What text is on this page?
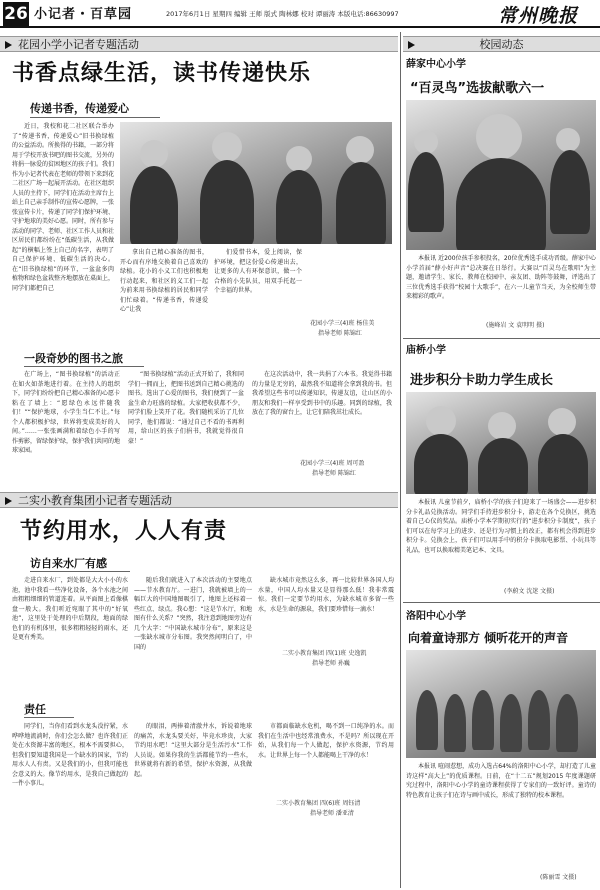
26 小记者・百草园	2017年6月1日 星期四 编辑 王师 版式 陶林娜 校对 谭丽涛 本版电话:86630997	常州晚报
花园小学小记者专题活动
书香点绿生活，读书传递快乐
传递书香，传递爱心

近日，我校和花二社区联合举办了“传递书香，传递爱心”旧书换绿植的公益活动。所换得的书籍，一部分将用于学校开放书吧的图书交流，另外的将捐一脉爱的贫困地区的孩子们。我们作为小记者代表在老师的带领下来到花二社区广场一起展开活动。在社区组织人员的主持下，同学们在活动主席台上站上自己亲手制作的宣传心愿牌，一张张宣传卡片，传递了同学们保护环境、守护地球的美好心愿。同时，所有参与活动的同学、老师、社区工作人员和社区居民们都纷纷在“低碳生活，从我做起”的横幅上签上自己的名字，表明了自己保护环境、低碳生活的决心。在“旧书换绿植”的环节，一盆盆多肉植物和绿色盆栽整齐地摆放在桌面上，同学们都把自己

拿出自己精心准备的图书，开心而有序地交换着自己喜欢的绿植。花小的小义工们也积极地行动起来，和社区的义工们一起为前来用书换绿植的居民和同学们忙碌着。“传递书香，传递爱心”让我

们爱惜书本，爱上阅读，保护环境，把这份爱心传递出去，让更多的人有环保意识，做一个合格的小先队员，用双手托起一个幸福的世界。

花园小学三(4)班 杨佳美
指导老师 陈锦红
一段奇妙的图书之旅

在广场上，“图书换绿植”的活动正在如火如荼地进行着。在主持人的组织下，同学们纷纷把自己精心准备的心愿卡粘在了墙上：“愿绿色永远伴随我们！”“保护地球，小学生当仁不让。”每个人都积极护绿，世界将变成美好的人间。”……一张张画满和着绿色小手的写作剪影，留绿保护绿，保护我们共同的地球家园。

“图书换绿植”活动正式开始了，我和同学们一拥而上，把图书送到自己精心挑选的图书。选出了心爱的图书，我们便到了一盆盆生命力旺盛的绿植。大家把收获都不少，同学们脸上笑开了花。我们随机采访了几位同学，他们都说：“通过自己不看的书再利用，给山区的孩子们捐书，我就觉得很自豪！”

在这次活动中，我一共捐了六本书。我觉得书籍的力量是无穷的，最然我不知道将会拿到我的书。但我希望这些书可以传递知识，传递友谊，让山区的小朋友和我们一样享受到书中的乐趣。同到的绿植，我放在了我的窗台上，让它们陪我茁壮成长。

花园小学三(4)班 周可盈
指导老师 陈锦红
二实小教育集团小记者专题活动
节约用水，人人有责
访自来水厂有感

走进自来水厂，到处都是大大小小的水池，池中我看一些净化设备，各个水池之间由粗粗细细的管道连着。从平面图上看像棋盘一般大。我们听近宛眼了其中的“好氧池”，这里处于处理的中后期段，地面的绿色们的有机体里，很多粗粗轻轻的雨水，还是更有秀美。

随后我们就进入了本次活动的主要地点——节水教育厅。一进门，我就被墙上的一幅巨大的中国地图吸引了，地图上还标着一些红点、绿点。我心想：“这是节水厅，和地图有什么关系？”突然，我注意到地图旁边有几个大字：“中国缺水城市分布”，原来这是一张缺水城市分布图。我突然间明白了，中国的

缺水城市竟然这么多，再一比较世界各国人均水量，中国人均水量又是显得那么低！我非常震惊。我们一定要节约用水，为缺水城市多留一些水，水是生命的源泉，我们要珍惜每一滴水！

二实小教育集团 四(1)班 史逸凯
指导老师 孙巍
责任

同学们，当你们看到水龙头没拧紧，水哗哗地流淌时，你们会怎么做？也许我们正处在水资源丰富的地区，根本不需要担心，但我们要知道我国是一个缺水的国家，节约用水人人有责。又是我们的小，但我可能也会意义的大。像节约用水，是我自己做起的一件小事儿。

的眼泪，两捧着清澈井水，诉说着地球的痛苦，水龙头要关好，毕竟水珍贵，大家节约用水吧！“这里大部分是生活污水”工作人员说。如果你我的生活都能节约一些水，世界就将有新的希望，保护水资源，从我做起。

市都面临缺水危机，喝不到一口纯净的水。而我们在生活中也经常浪费水，不是吗？所以现在开始，从我们每一个人做起，保护水资源，节约用水。让世界上每一个人都能喝上干净的水！

二实小教育集团 四(6)班 周钰清
指导老师 潘亚清
校园动态
薛家中心小学
“百灵鸟”选拔献歌六一

本报讯 近200位孩手参积投名，20位优秀选手成功晋级。薛家中心小学首届“薛小好声音”总决赛在日举行。大赛以“百灵鸟在歌唱”为主题，邀请学生、家长、教师在校园中、亲友团、助阵等鼓舞，评选出了三位优秀选手获得“校园十大歌手”，在六一儿童节当天，为全校师生带来精彩的歌声。

(施峰岩 文 袁明明 摄)
庙桥小学
进步积分卡助力学生成长

本报讯 儿童节前夕，庙桥小学的孩子们迎来了一场盛会——进步积分卡礼品兑换活动。同学们手持进步积分卡，游走在各个兑换区，挑选着自己心仪的奖品。庙桥小学本学期初实行的“进步积分卡制度”，孩子们可以在每学习上的进步、还是行为习惯上的改正，都有机会得到进步积分卡。兑换会上，孩子们可以用手中的积分卡换取电影票、小玩具等礼品，也可以换取精美笔记本、文具。

(李蔚文 沈迷 文摄)
洛阳中心小学
向着童诗那方 倾听花开的声音

本报讯 喧闹惹想，成功入选占64%的洛阳中心小学，却打造了儿童诗这样“高大上”的优质课程。日前，在“十二五”规划2015 年度课题研究过程中，洛阳中心小学的童诗课程获得了专家们的一致好评。童诗的特色教育让孩子们在诗与画中成长，形成了独特的校本课程。

(陈丽雪 文摄)
